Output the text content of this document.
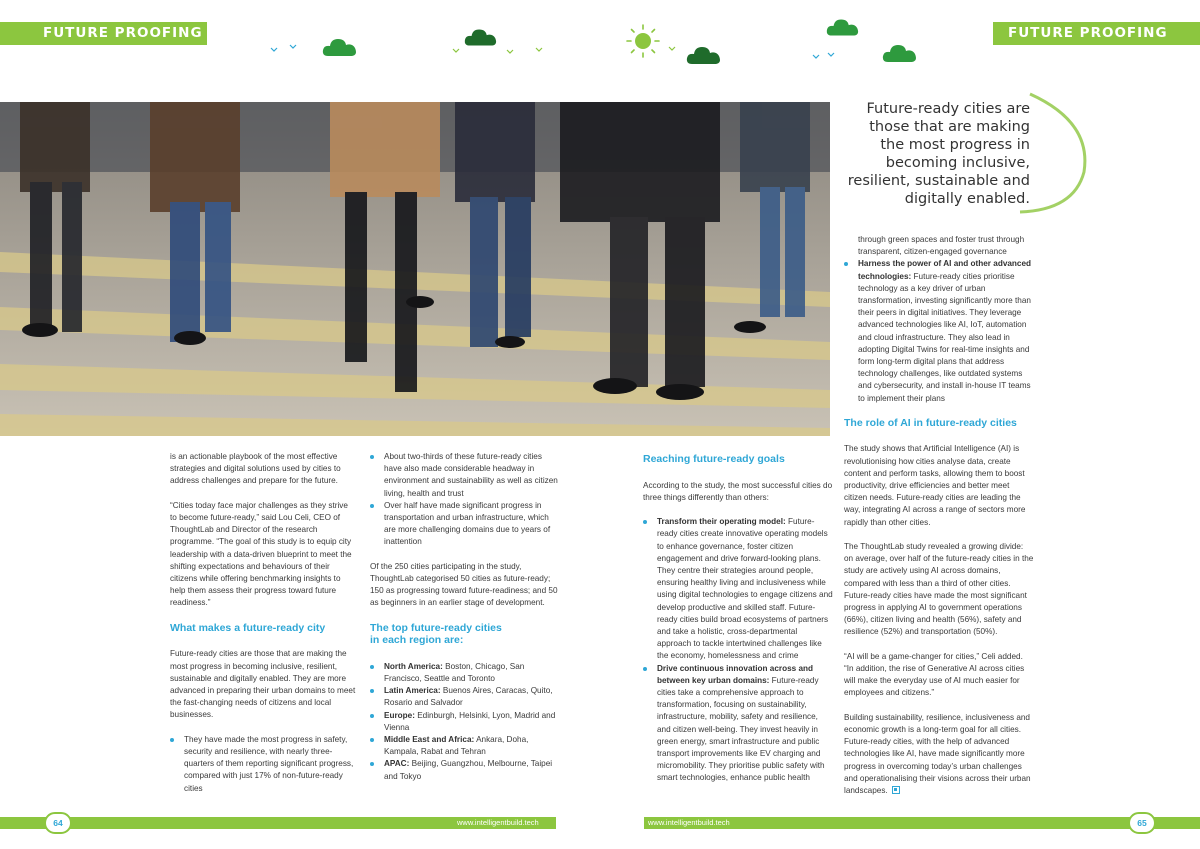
FUTURE PROOFING	FUTURE PROOFING
Future-ready cities are those that are making the most progress in becoming inclusive, resilient, sustainable and digitally enabled.

is an actionable playbook of the most effective strategies and digital solutions used by cities to address challenges and prepare for the future.

“Cities today face major challenges as they strive to become future-ready,” said Lou Celi, CEO of ThoughtLab and Director of the research programme. “The goal of this study is to equip city leadership with a data-driven blueprint to meet the shifting expectations and behaviours of their citizens while offering benchmarking insights to help them assess their progress toward future readiness.”

What makes a future-ready city

Future-ready cities are those that are making the most progress in becoming inclusive, resilient, sustainable and digitally enabled. They are more advanced in preparing their urban domains to meet the fast-changing needs of citizens and local businesses.

They have made the most progress in safety, security and resilience, with nearly three-quarters of them reporting significant progress, compared with just 17% of non-future-ready cities
About two-thirds of these future-ready cities have also made considerable headway in environment and sustainability as well as citizen living, health and trust
Over half have made significant progress in transportation and urban infrastructure, which are more challenging domains due to years of inattention

Of the 250 cities participating in the study, ThoughtLab categorised 50 cities as future-ready; 150 as progressing toward future-readiness; and 50 as beginners in an earlier stage of development.

The top future-ready cities in each region are:
North America: Boston, Chicago, San Francisco, Seattle and Toronto
Latin America: Buenos Aires, Caracas, Quito, Rosario and Salvador
Europe: Edinburgh, Helsinki, Lyon, Madrid and Vienna
Middle East and Africa: Ankara, Doha, Kampala, Rabat and Tehran
APAC: Beijing, Guangzhou, Melbourne, Taipei and Tokyo
Reaching future-ready goals

According to the study, the most successful cities do three things differently than others:

Transform their operating model: Future-ready cities create innovative operating models to enhance governance, foster citizen engagement and drive forward-looking plans. They centre their strategies around people, ensuring healthy living and inclusiveness while using digital technologies to engage citizens and develop productive and skilled staff. Future-ready cities build broad ecosystems of partners and take a holistic, cross-departmental approach to tackle intertwined challenges like the economy, homelessness and crime
Drive continuous innovation across and between key urban domains: Future-ready cities take a comprehensive approach to transformation, focusing on sustainability, infrastructure, mobility, safety and resilience, and citizen well-being. They invest heavily in green energy, smart infrastructure and public transport improvements like EV charging and micromobility. They prioritise public safety with smart technologies, enhance public health

through green spaces and foster trust through transparent, citizen-engaged governance

Harness the power of AI and other advanced technologies: Future-ready cities prioritise technology as a key driver of urban transformation, investing significantly more than their peers in digital initiatives. They leverage advanced technologies like AI, IoT, automation and cloud infrastructure. They also lead in adopting Digital Twins for real-time insights and form long-term digital plans that address technology challenges, like outdated systems and cybersecurity, and install in-house IT teams to implement their plans
The role of AI in future-ready cities

The study shows that Artificial Intelligence (AI) is revolutionising how cities analyse data, create content and perform tasks, allowing them to boost productivity, drive efficiencies and better meet citizen needs. Future-ready cities are leading the way, integrating AI across a range of sectors more rapidly than other cities.

The ThoughtLab study revealed a growing divide: on average, over half of the future-ready cities in the study are actively using AI across domains, compared with less than a third of other cities. Future-ready cities have made the most significant progress in applying AI to government operations (66%), citizen living and health (56%), safety and resilience (52%) and transportation (50%).

“AI will be a game-changer for cities,” Celi added. “In addition, the rise of Generative AI across cities will make the everyday use of AI much easier for employees and citizens.”

Building sustainability, resilience, inclusiveness and economic growth is a long-term goal for all cities. Future-ready cities, with the help of advanced technologies like AI, have made significantly more progress in overcoming today’s urban challenges and operationalising their visions across their urban landscapes.

www.intelligentbuild.tech	www.intelligentbuild.tech
64	65
